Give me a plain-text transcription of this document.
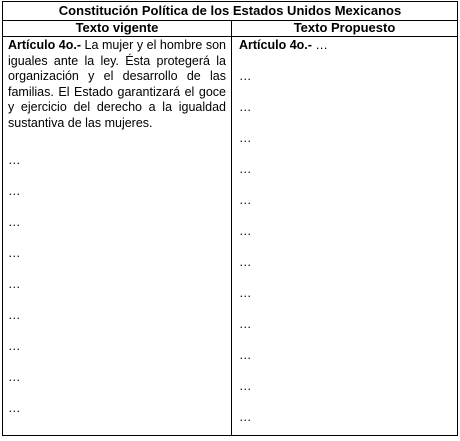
Constitución Política de los Estados Unidos Mexicanos
Texto vigente	Texto Propuesto

Artículo 4o.- La mujer y el hombre son iguales ante la ley. Ésta protegerá la organización y el desarrollo de las familias. El Estado garantizará el goce y ejercicio del derecho a la igualdad sustantiva de las mujeres.

…
…
…
…
…
…
…
…
…

Artículo 4o.- …

…
…
…
…
…
…
…
…
…
…
…
…
